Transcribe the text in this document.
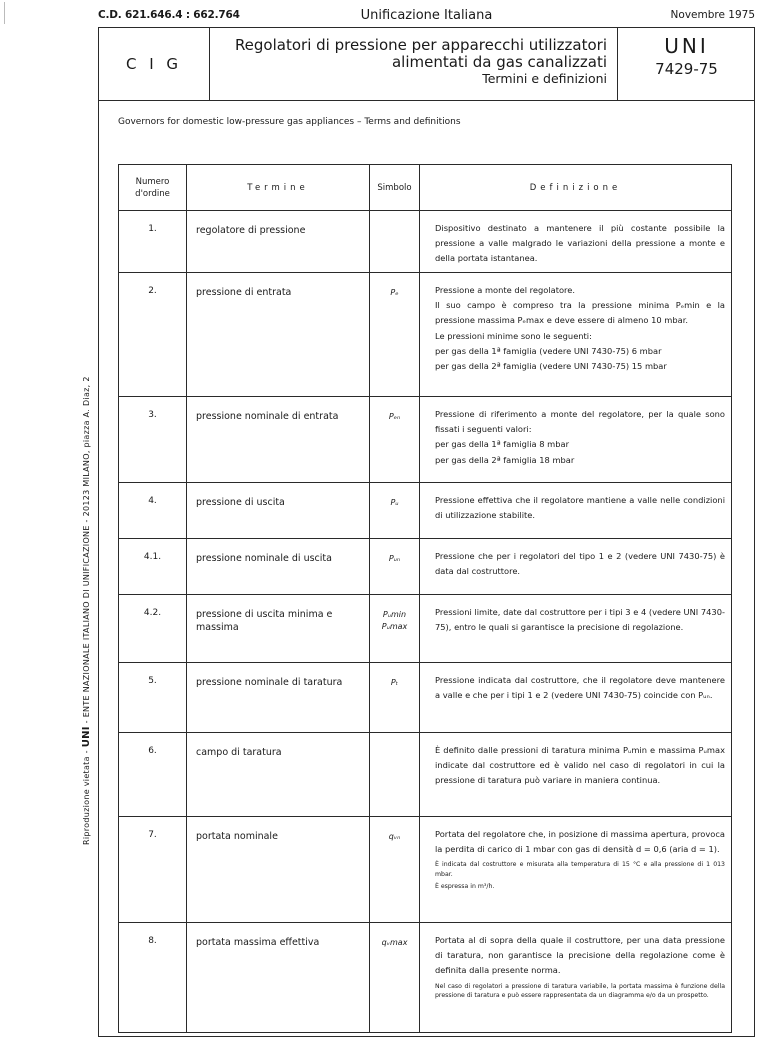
C.D. 621.646.4 : 662.764	Unificazione Italiana	Novembre 1975
Riproduzione vietata - UNI - ENTE NAZIONALE ITALIANO DI UNIFICAZIONE - 20123 MILANO, piazza A. Diaz, 2
C I G
Regolatori di pressione per apparecchi utilizzatori
alimentati da gas canalizzati
Termini e definizioni
UNI
7429-75
Governors for domestic low-pressure gas appliances – Terms and definitions
Numero
d'ordine	Termine	Simbolo	Definizione
1.	regolatore di pressione		Dispositivo destinato a mantenere il più costante possibile la pressione a valle malgrado le variazioni della pressione a monte e della portata istantanea.

2.	pressione di entrata	Pₑ	Pressione a monte del regolatore.
Il suo campo è compreso tra la pressione minima Pₑmin e la pressione massima Pₑmax e deve essere di almeno 10 mbar.
Le pressioni minime sono le seguenti:
per gas della 1ª famiglia (vedere UNI 7430-75) 6 mbar
per gas della 2ª famiglia (vedere UNI 7430-75) 15 mbar

3.	pressione nominale di entrata	Pₑₙ	Pressione di riferimento a monte del regolatore, per la quale sono fissati i seguenti valori:
per gas della 1ª famiglia 8 mbar
per gas della 2ª famiglia 18 mbar

4.	pressione di uscita	Pᵤ	Pressione effettiva che il regolatore mantiene a valle nelle condizioni di utilizzazione stabilite.

4.1.	pressione nominale di uscita	Pᵤₙ	Pressione che per i regolatori del tipo 1 e 2 (vedere UNI 7430-75) è data dal costruttore.

4.2.	pressione di uscita minima e massima	Pᵤmin
Pᵤmax	Pressioni limite, date dal costruttore per i tipi 3 e 4 (vedere UNI 7430-75), entro le quali si garantisce la precisione di regolazione.

5.	pressione nominale di taratura	Pₜ	Pressione indicata dal costruttore, che il regolatore deve mantenere a valle e che per i tipi 1 e 2 (vedere UNI 7430-75) coincide con Pᵤₙ.

6.	campo di taratura		È definito dalle pressioni di taratura minima Pᵤmin e massima Pᵤmax indicate dal costruttore ed è valido nel caso di regolatori in cui la pressione di taratura può variare in maniera continua.

7.	portata nominale	qᵥₙ	Portata del regolatore che, in posizione di massima apertura, provoca la perdita di carico di 1 mbar con gas di densità d = 0,6 (aria d = 1).
È indicata dal costruttore e misurata alla temperatura di 15 °C e alla pressione di 1 013 mbar.
È espressa in m³/h.

8.	portata massima effettiva	qᵥmax	Portata al di sopra della quale il costruttore, per una data pressione di taratura, non garantisce la precisione della regolazione come è definita dalla presente norma.
Nel caso di regolatori a pressione di taratura variabile, la portata massima è funzione della pressione di taratura e può essere rappresentata da un diagramma e/o da un prospetto.
